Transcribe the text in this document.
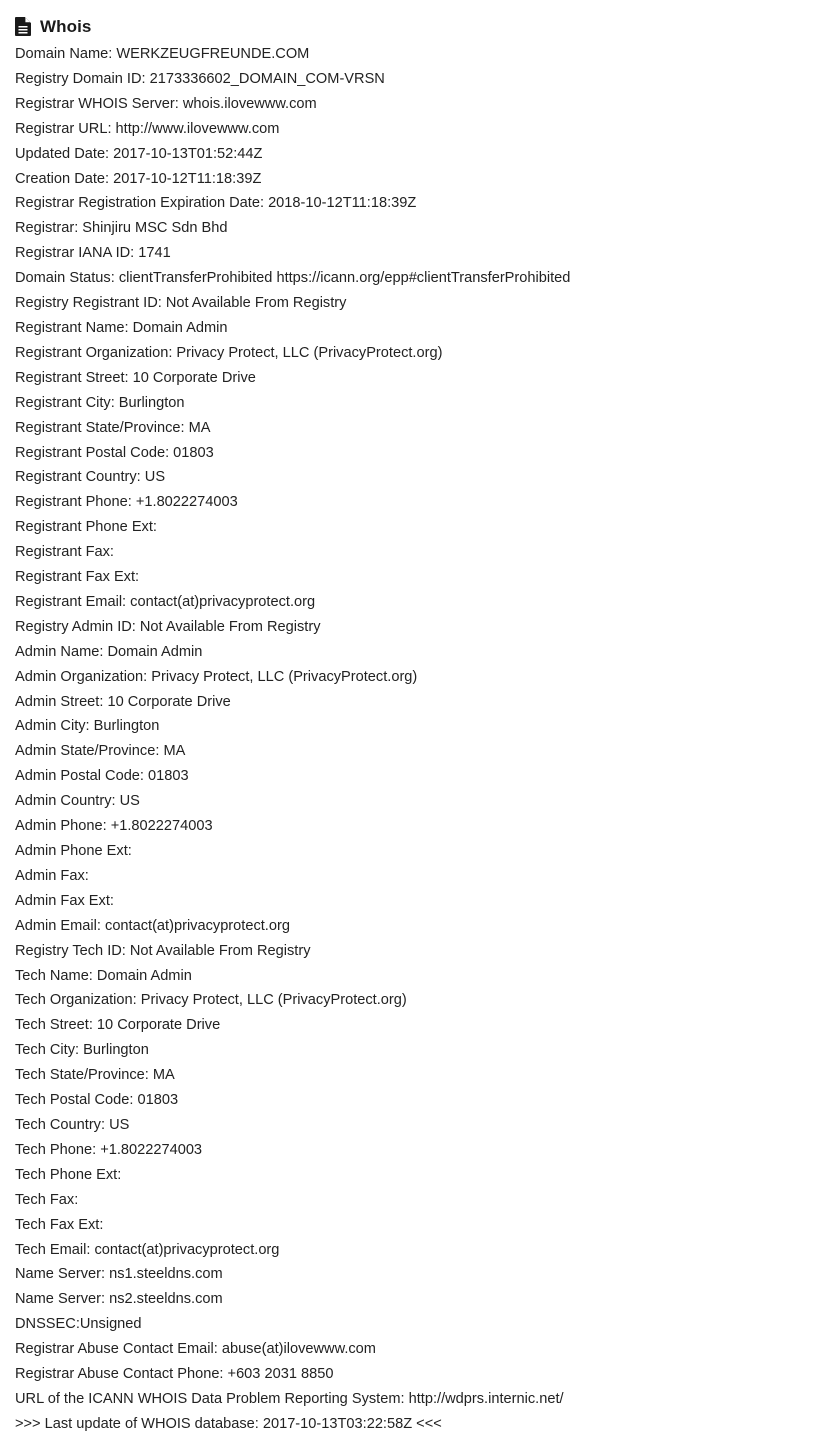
Whois
Domain Name: WERKZEUGFREUNDE.COM
Registry Domain ID: 2173336602_DOMAIN_COM-VRSN
Registrar WHOIS Server: whois.ilovewww.com
Registrar URL: http://www.ilovewww.com
Updated Date: 2017-10-13T01:52:44Z
Creation Date: 2017-10-12T11:18:39Z
Registrar Registration Expiration Date: 2018-10-12T11:18:39Z
Registrar: Shinjiru MSC Sdn Bhd
Registrar IANA ID: 1741
Domain Status: clientTransferProhibited https://icann.org/epp#clientTransferProhibited
Registry Registrant ID: Not Available From Registry
Registrant Name: Domain Admin
Registrant Organization: Privacy Protect, LLC (PrivacyProtect.org)
Registrant Street: 10 Corporate Drive
Registrant City: Burlington
Registrant State/Province: MA
Registrant Postal Code: 01803
Registrant Country: US
Registrant Phone: +1.8022274003
Registrant Phone Ext:
Registrant Fax:
Registrant Fax Ext:
Registrant Email: contact(at)privacyprotect.org
Registry Admin ID: Not Available From Registry
Admin Name: Domain Admin
Admin Organization: Privacy Protect, LLC (PrivacyProtect.org)
Admin Street: 10 Corporate Drive
Admin City: Burlington
Admin State/Province: MA
Admin Postal Code: 01803
Admin Country: US
Admin Phone: +1.8022274003
Admin Phone Ext:
Admin Fax:
Admin Fax Ext:
Admin Email: contact(at)privacyprotect.org
Registry Tech ID: Not Available From Registry
Tech Name: Domain Admin
Tech Organization: Privacy Protect, LLC (PrivacyProtect.org)
Tech Street: 10 Corporate Drive
Tech City: Burlington
Tech State/Province: MA
Tech Postal Code: 01803
Tech Country: US
Tech Phone: +1.8022274003
Tech Phone Ext:
Tech Fax:
Tech Fax Ext:
Tech Email: contact(at)privacyprotect.org
Name Server: ns1.steeldns.com
Name Server: ns2.steeldns.com
DNSSEC:Unsigned
Registrar Abuse Contact Email: abuse(at)ilovewww.com
Registrar Abuse Contact Phone: +603 2031 8850
URL of the ICANN WHOIS Data Problem Reporting System: http://wdprs.internic.net/
>>> Last update of WHOIS database: 2017-10-13T03:22:58Z <<<
